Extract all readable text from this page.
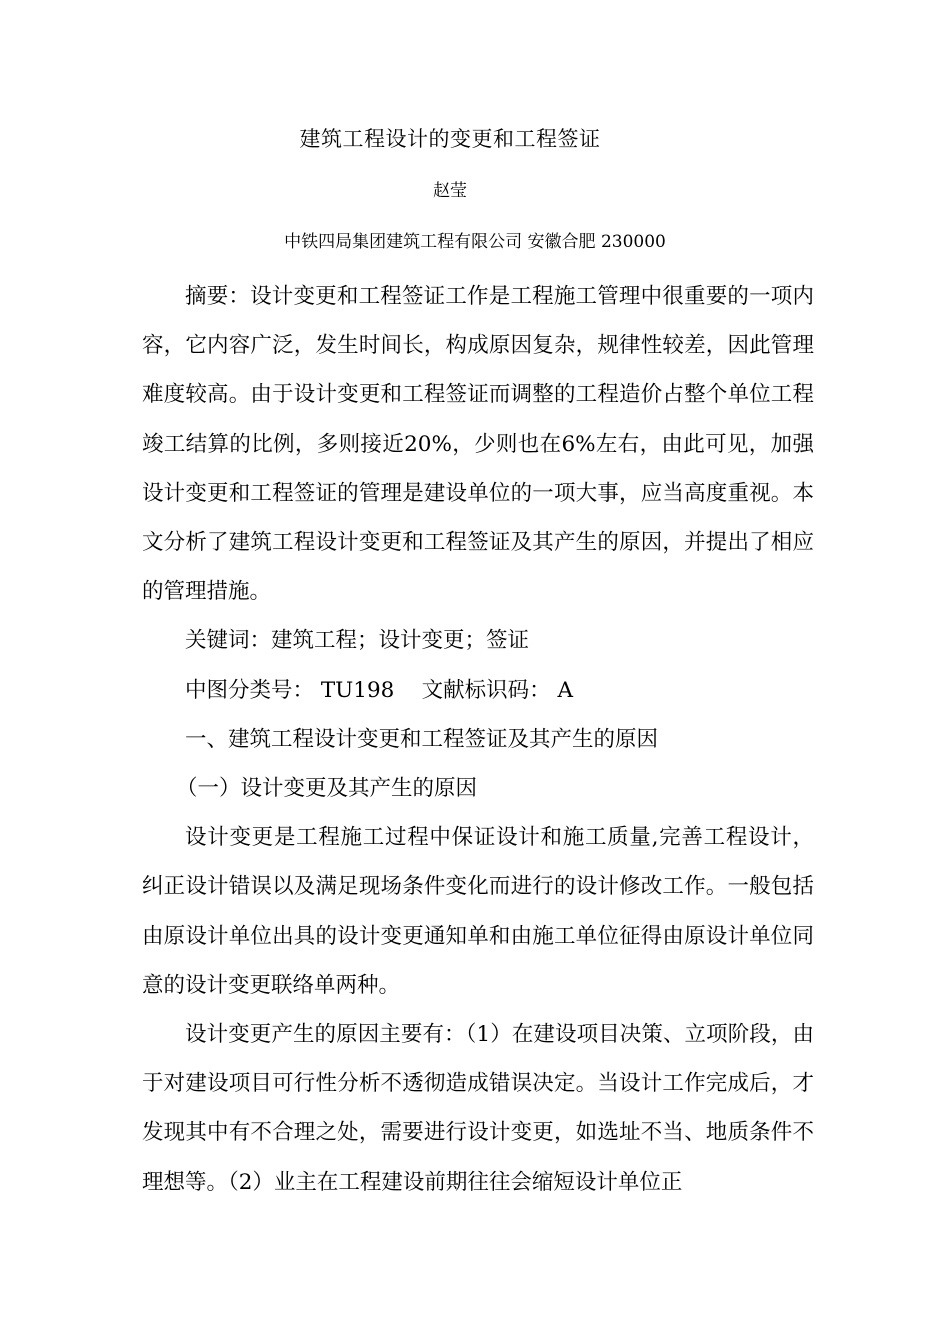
建筑工程设计的变更和工程签证
赵莹
中铁四局集团建筑工程有限公司 安徽合肥 230000

摘要：设计变更和工程签证工作是工程施工管理中很重要的一项内容，它内容广泛，发生时间长，构成原因复杂，规律性较差，因此管理难度较高。由于设计变更和工程签证而调整的工程造价占整个单位工程竣工结算的比例，多则接近20%，少则也在6%左右，由此可见，加强设计变更和工程签证的管理是建设单位的一项大事，应当高度重视。本文分析了建筑工程设计变更和工程签证及其产生的原因，并提出了相应的管理措施。

关键词：建筑工程；设计变更；签证

中图分类号： TU198    文献标识码： A

一、建筑工程设计变更和工程签证及其产生的原因

（一）设计变更及其产生的原因

设计变更是工程施工过程中保证设计和施工质量,完善工程设计，纠正设计错误以及满足现场条件变化而进行的设计修改工作。一般包括由原设计单位出具的设计变更通知单和由施工单位征得由原设计单位同意的设计变更联络单两种。

设计变更产生的原因主要有：（1）在建设项目决策、立项阶段，由于对建设项目可行性分析不透彻造成错误决定。当设计工作完成后，才发现其中有不合理之处，需要进行设计变更，如选址不当、地质条件不理想等。（2）业主在工程建设前期往往会缩短设计单位正
